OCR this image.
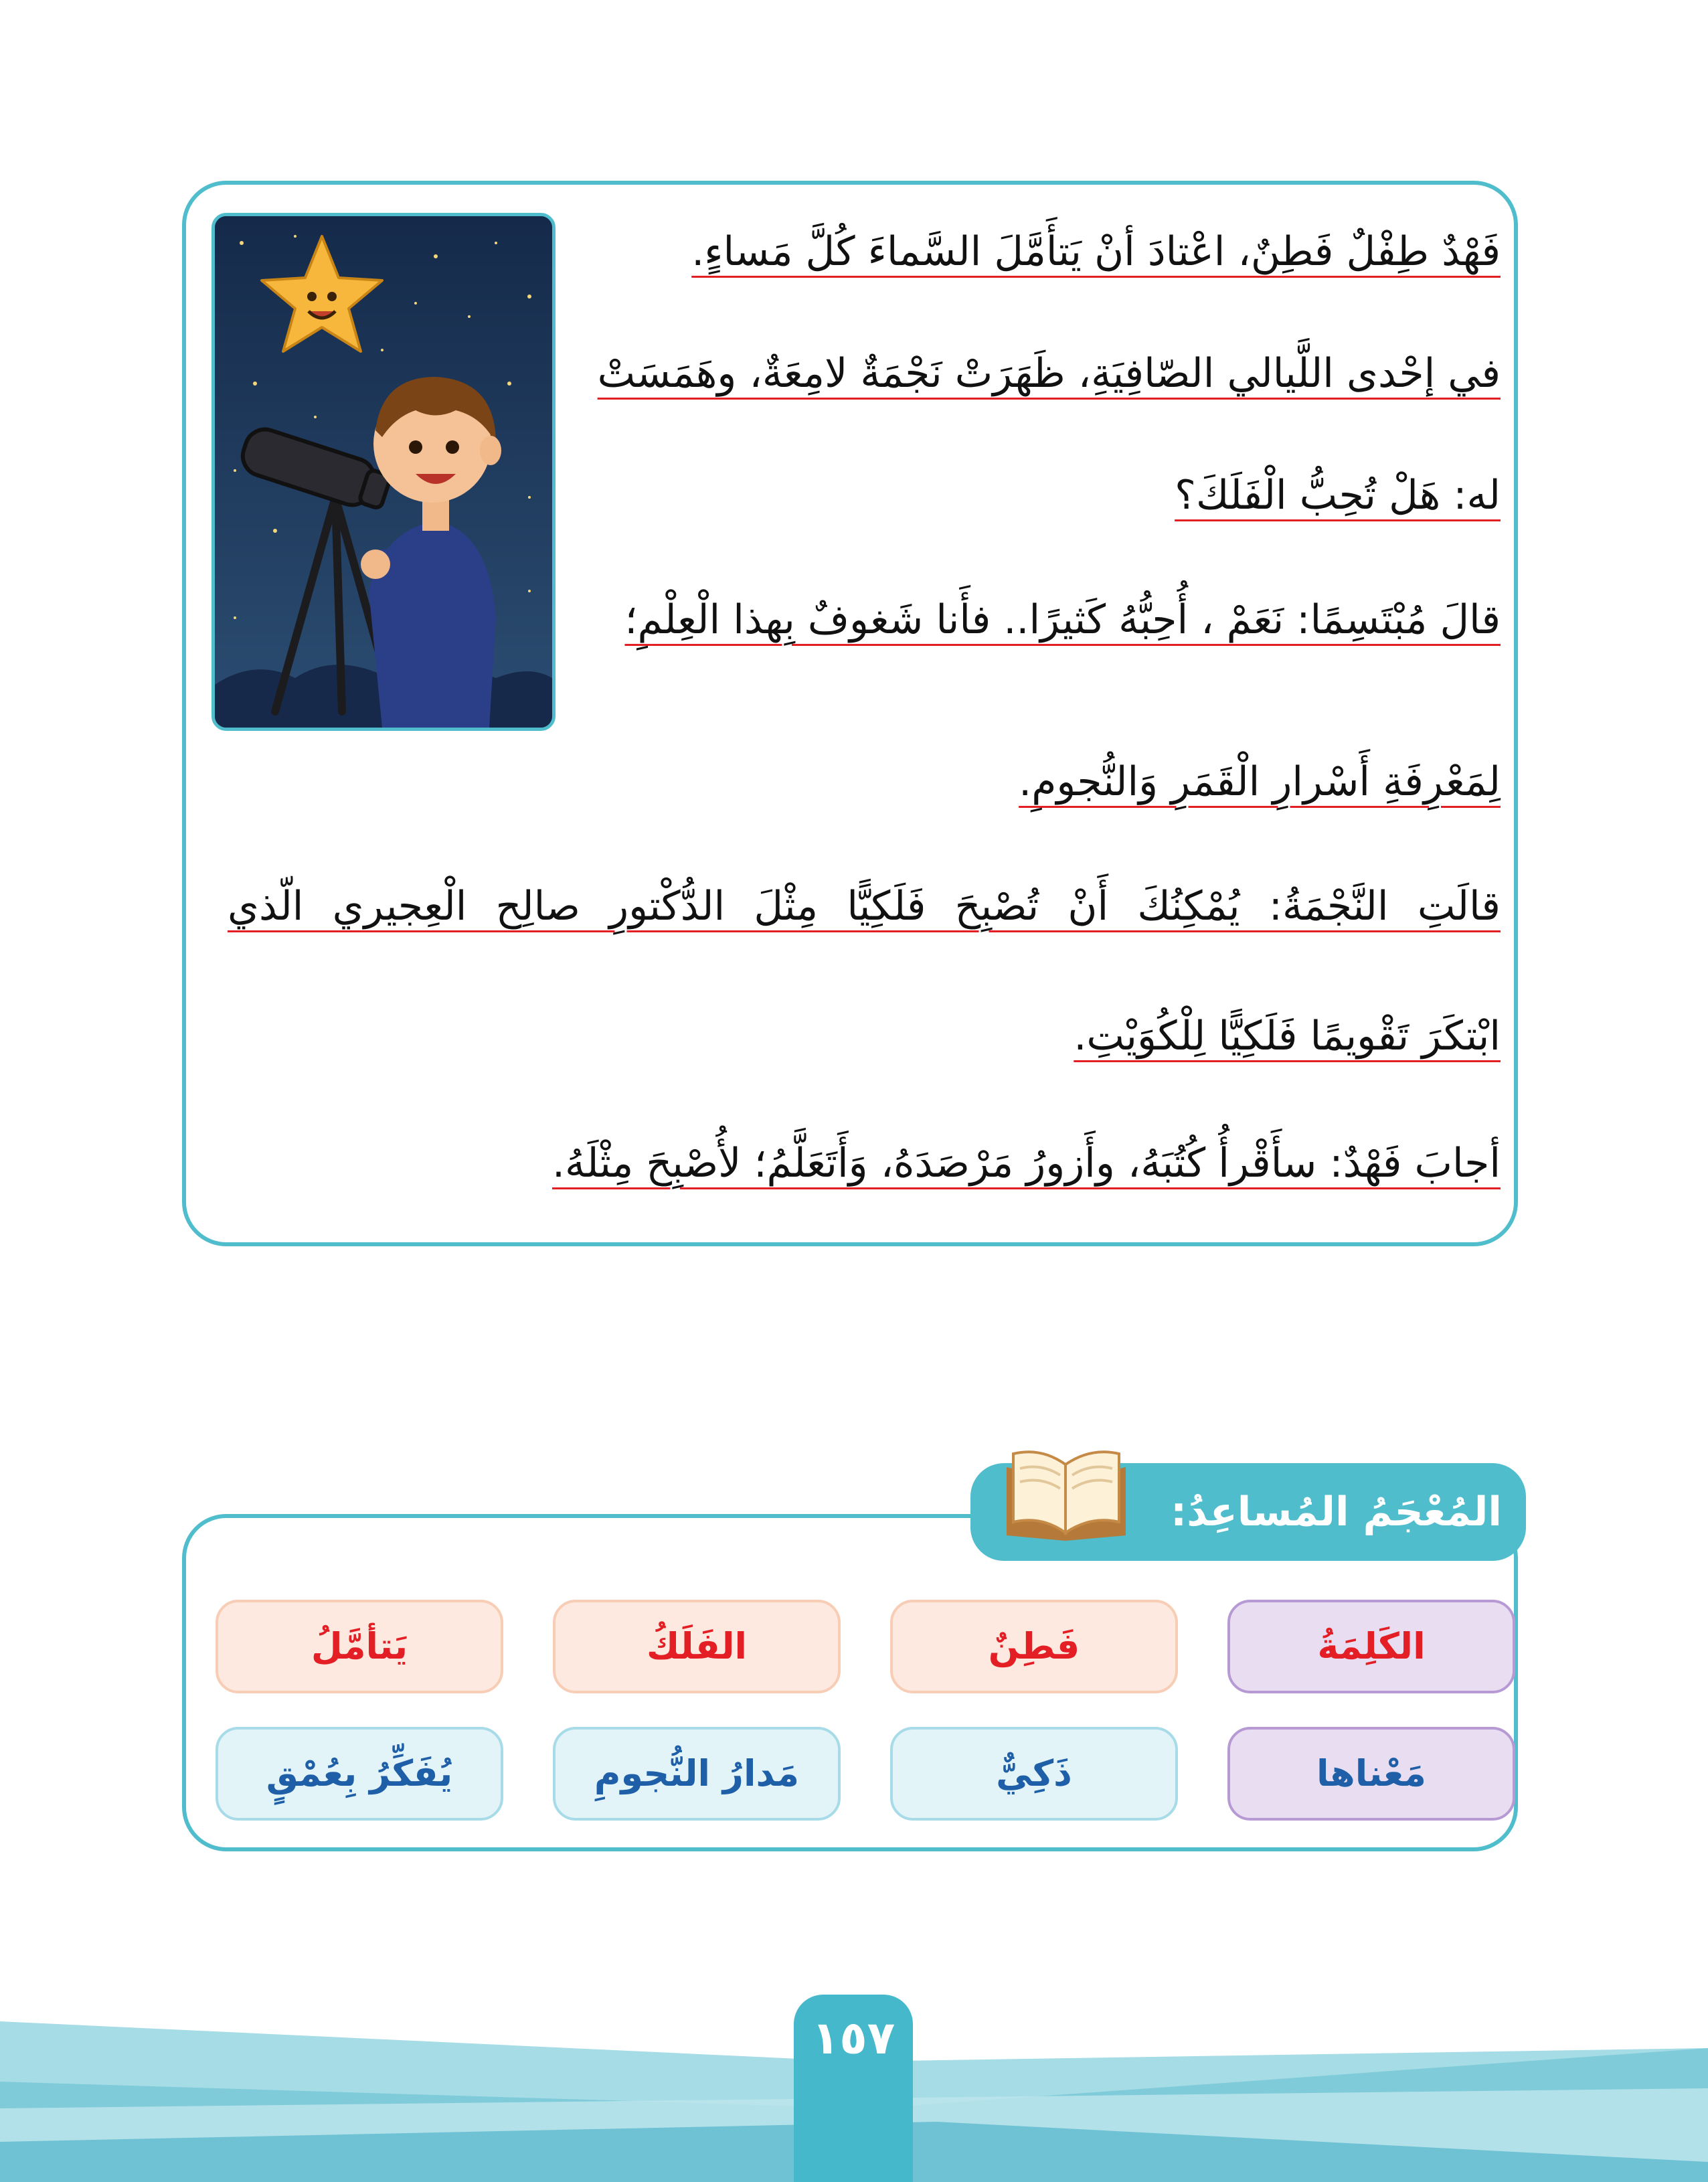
فَهْدٌ طِفْلٌ فَطِنٌ، اعْتادَ أنْ يَتأَمَّلَ السَّماءَ كُلَّ مَساءٍ.
في إحْدى اللَّيالي الصّافِيَةِ، ظَهَرَتْ نَجْمَةٌ لامِعَةٌ، وهَمَسَتْ
له: هَلْ تُحِبُّ الْفَلَكَ؟
قالَ مُبْتَسِمًا: نَعَمْ ، أُحِبُّهُ كَثيرًا.. فأَنا شَغوفٌ بِهذا الْعِلْمِ؛
لِمَعْرِفَةِ أَسْرارِ الْقَمَرِ وَالنُّجومِ.
قالَتِ النَّجْمَةُ: يُمْكِنُكَ أَنْ تُصْبِحَ فَلَكِيًّا مِثْلَ الدُّكْتورِ صالِح الْعِجيري الّذي
ابْتكَرَ تَقْويمًا فَلَكِيًّا لِلْكُوَيْتِ.
أجابَ فَهْدٌ: سأَقْرأُ كُتُبَهُ، وأَزورُ مَرْصَدَهُ، وَأَتَعَلَّمُ؛ لأُصْبِحَ مِثْلَهُ.
المُعْجَمُ المُساعِدُ:
الكَلِمَةُ
فَطِنٌ
الفَلَكُ
يَتأمَّلُ
مَعْناها
ذَكِيٌّ
مَدارُ النُّجومِ
يُفَكِّرُ بِعُمْقٍ
١٥٧
